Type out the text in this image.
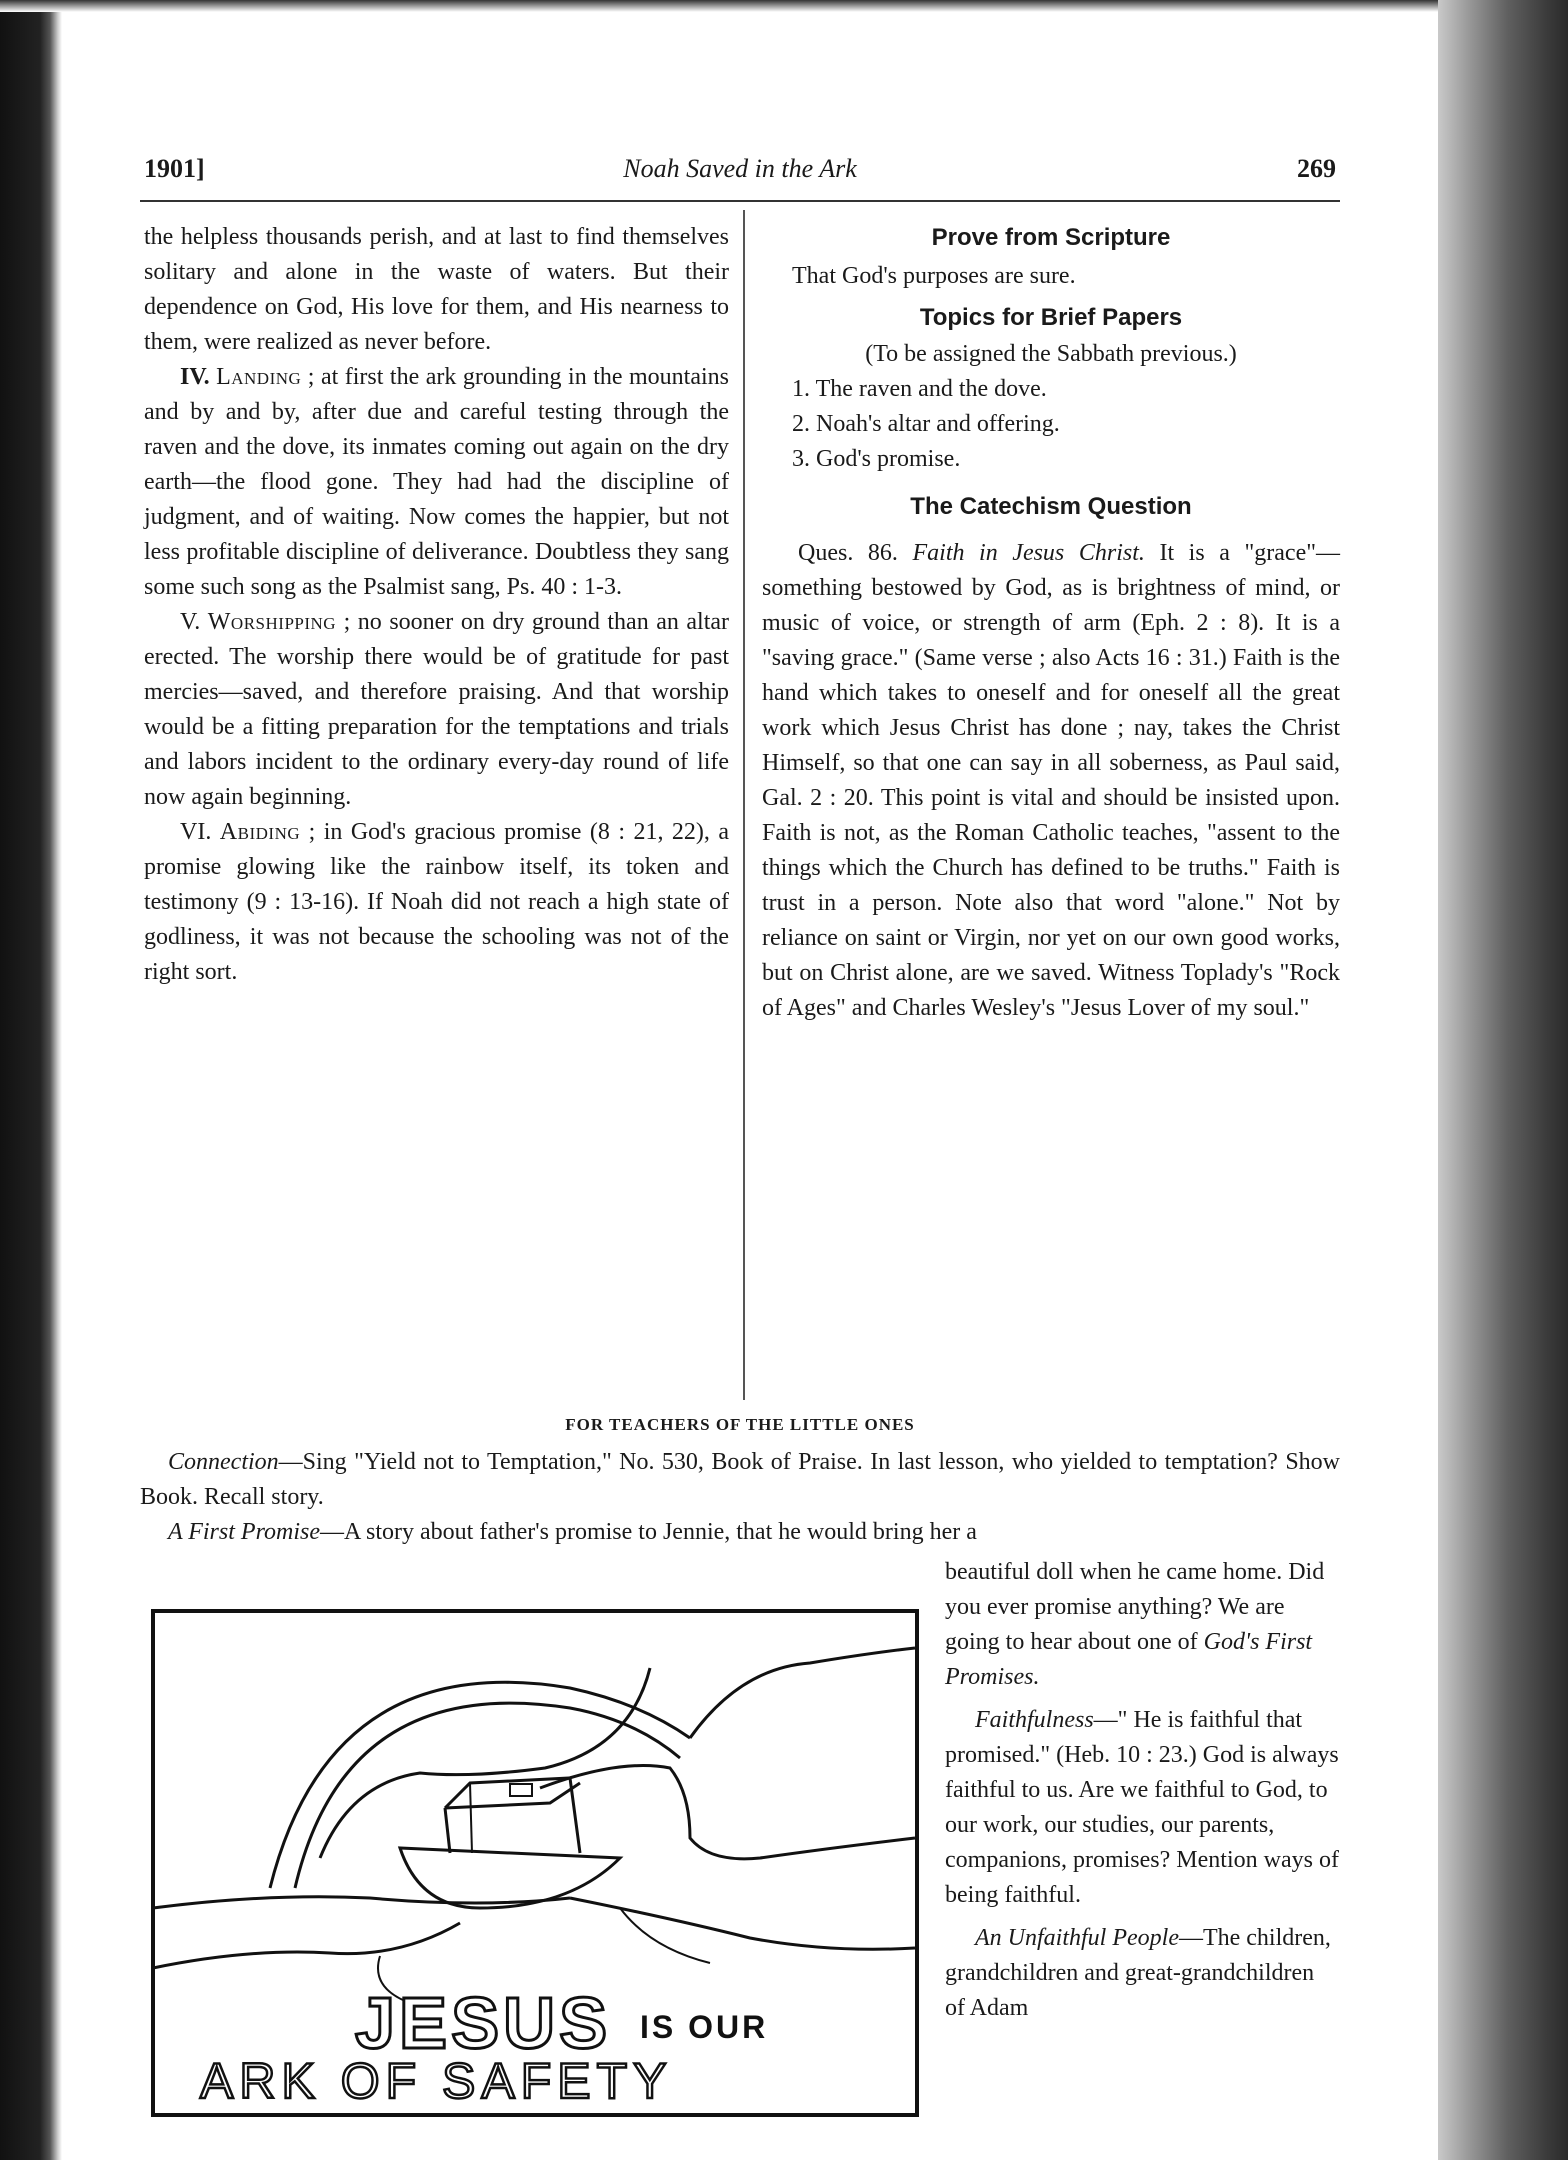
1901]	Noah Saved in the Ark	269

the helpless thousands perish, and at last to find themselves solitary and alone in the waste of waters. But their dependence on God, His love for them, and His nearness to them, were realized as never before.

IV. Landing ; at first the ark grounding in the mountains and by and by, after due and careful testing through the raven and the dove, its inmates coming out again on the dry earth—the flood gone. They had had the discipline of judgment, and of waiting. Now comes the happier, but not less profitable discipline of deliverance. Doubtless they sang some such song as the Psalmist sang, Ps. 40 : 1-3.

V. Worshipping ; no sooner on dry ground than an altar erected. The worship there would be of gratitude for past mercies—saved, and therefore praising. And that worship would be a fitting preparation for the temptations and trials and labors incident to the ordinary every-day round of life now again beginning.

VI. Abiding ; in God's gracious promise (8 : 21, 22), a promise glowing like the rainbow itself, its token and testimony (9 : 13-16). If Noah did not reach a high state of godliness, it was not because the schooling was not of the right sort.

Prove from Scripture

That God's purposes are sure.

Topics for Brief Papers

(To be assigned the Sabbath previous.)

1. The raven and the dove.

2. Noah's altar and offering.

3. God's promise.

The Catechism Question

Ques. 86. Faith in Jesus Christ. It is a "grace"—something bestowed by God, as is brightness of mind, or music of voice, or strength of arm (Eph. 2 : 8). It is a "saving grace." (Same verse ; also Acts 16 : 31.) Faith is the hand which takes to oneself and for oneself all the great work which Jesus Christ has done ; nay, takes the Christ Himself, so that one can say in all soberness, as Paul said, Gal. 2 : 20. This point is vital and should be insisted upon. Faith is not, as the Roman Catholic teaches, "assent to the things which the Church has defined to be truths." Faith is trust in a person. Note also that word "alone." Not by reliance on saint or Virgin, nor yet on our own good works, but on Christ alone, are we saved. Witness Toplady's "Rock of Ages" and Charles Wesley's "Jesus Lover of my soul."

FOR TEACHERS OF THE LITTLE ONES

Connection—Sing "Yield not to Temptation," No. 530, Book of Praise. In last lesson, who yielded to temptation? Show Book. Recall story.

A First Promise—A story about father's promise to Jennie, that he would bring her a

JESUS IS OUR
ARK OF SAFETY

beautiful doll when he came home. Did you ever promise anything? We are going to hear about one of God's First Promises.

Faithfulness—" He is faithful that promised." (Heb. 10 : 23.) God is always faithful to us. Are we faithful to God, to our work, our studies, our parents, companions, promises? Mention ways of being faithful.

An Unfaithful People—The children, grandchildren and great-grandchildren of Adam
